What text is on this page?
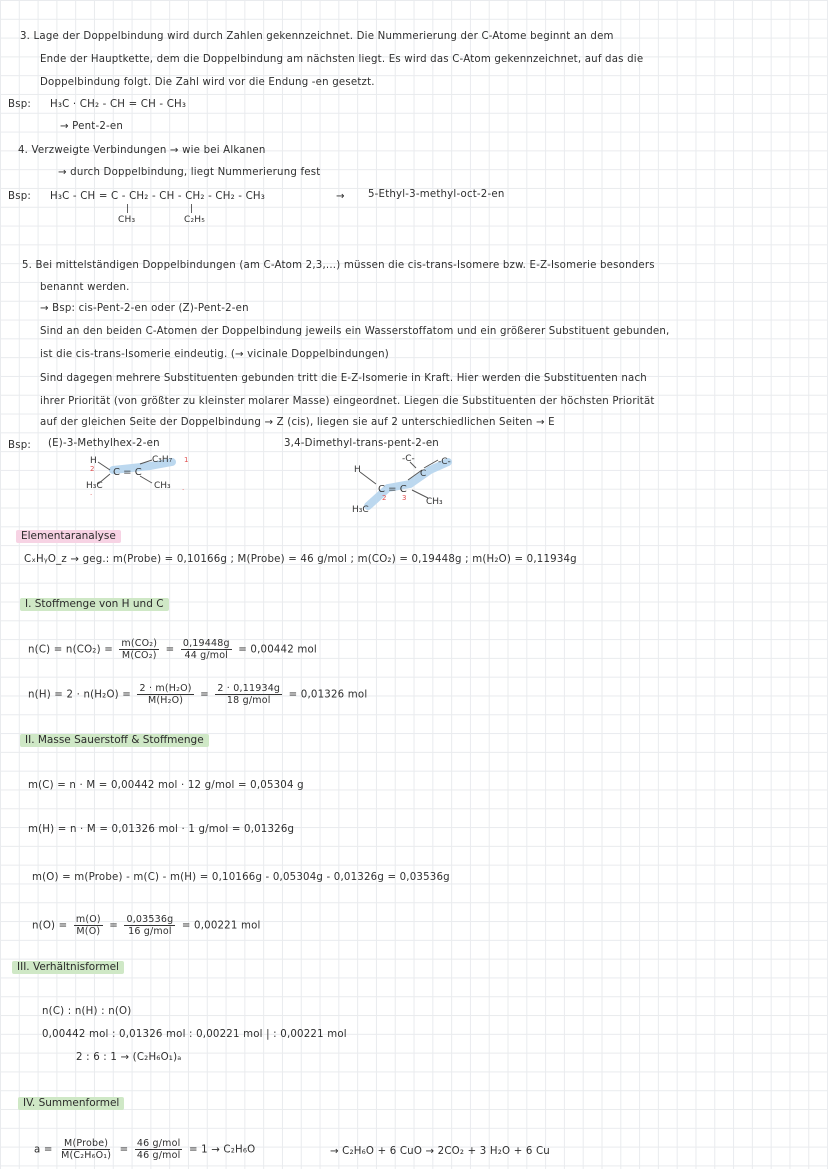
3. Lage der Doppelbindung wird durch Zahlen gekennzeichnet. Die Nummerierung der C-Atome beginnt an dem
Ende der Hauptkette, dem die Doppelbindung am nächsten liegt. Es wird das C-Atom gekennzeichnet, auf das die
Doppelbindung folgt. Die Zahl wird vor die Endung -en gesetzt.
Bsp: H₃C · CH₂ - CH = CH - CH₃
→ Pent-2-en
4. Verzweigte Verbindungen → wie bei Alkanen
→ durch Doppelbindung, liegt Nummerierung fest
Bsp: H₃C - CH = C - CH₂ - CH - CH₂ - CH₂ - CH₃	→ 5-Ethyl-3-methyl-oct-2-en
|
CH₃
|
C₂H₅
5. Bei mittelständigen Doppelbindungen (am C-Atom 2,3,...) müssen die cis-trans-Isomere bzw. E-Z-Isomerie besonders
benannt werden.
→ Bsp: cis-Pent-2-en oder (Z)-Pent-2-en
Sind an den beiden C-Atomen der Doppelbindung jeweils ein Wasserstoffatom und ein größerer Substituent gebunden,
ist die cis-trans-Isomerie eindeutig. (→ vicinale Doppelbindungen)
Sind dagegen mehrere Substituenten gebunden tritt die E-Z-Isomerie in Kraft. Hier werden die Substituenten nach
ihrer Priorität (von größter zu kleinster molarer Masse) eingeordnet. Liegen die Substituenten der höchsten Priorität
auf der gleichen Seite der Doppelbindung → Z (cis), liegen sie auf 2 unterschiedlichen Seiten → E
Bsp: (E)-3-Methylhex-2-en	3,4-Dimethyl-trans-pent-2-en
H
H₃C
C = C
C₃H₇
CH₃
1
2
·
·
H
H₃C
C = C
CH₃
-C-
C
-C-
2 3
Elementaranalyse
CₓHᵧO_z → geg.: m(Probe) = 0,10166g ; M(Probe) = 46 g/mol ; m(CO₂) = 0,19448g ; m(H₂O) = 0,11934g
I. Stoffmenge von H und C
$n(C) = n(CO_2) = \frac{\text{m(CO₂)}}{\text{M(CO₂)}} = \frac{0,19448g}{\text{44 g/mol}} = 0,00442$ mol
$n(H) = 2 \cdot n(H_2O) = \frac{\text{2 · m(H₂O)}}{\text{M(H₂O)}} = \frac{2 \cdot 0,11934g}{\text{18 g/mol}} = 0,01326$ mol
II. Masse Sauerstoff & Stoffmenge
m(C) = n · M = 0,00442 mol · 12 g/mol = 0,05304 g
m(H) = n · M = 0,01326 mol · 1 g/mol = 0,01326g
m(O) = m(Probe) - m(C) - m(H) = 0,10166g - 0,05304g - 0,01326g = 0,03536g
$n(O) = \frac{m(O)}{M(O)} = \frac{0,03536g}{\text{16 g/mol}} = 0,00221$ mol
III. Verhältnisformel
n(C) : n(H) : n(O)
0,00442 mol : 0,01326 mol : 0,00221 mol | : 0,00221 mol
2 : 6 : 1 → (C₂H₆O₁)ₐ
IV. Summenformel
$a = \frac{\text{M(Probe)}}{\text{M(C₂H₆O₁)}} = \frac{\text{46 g/mol}}{\text{46 g/mol}} = 1 \to C_2H_6O$	→ C₂H₆O + 6 CuO → 2CO₂ + 3 H₂O + 6 Cu
